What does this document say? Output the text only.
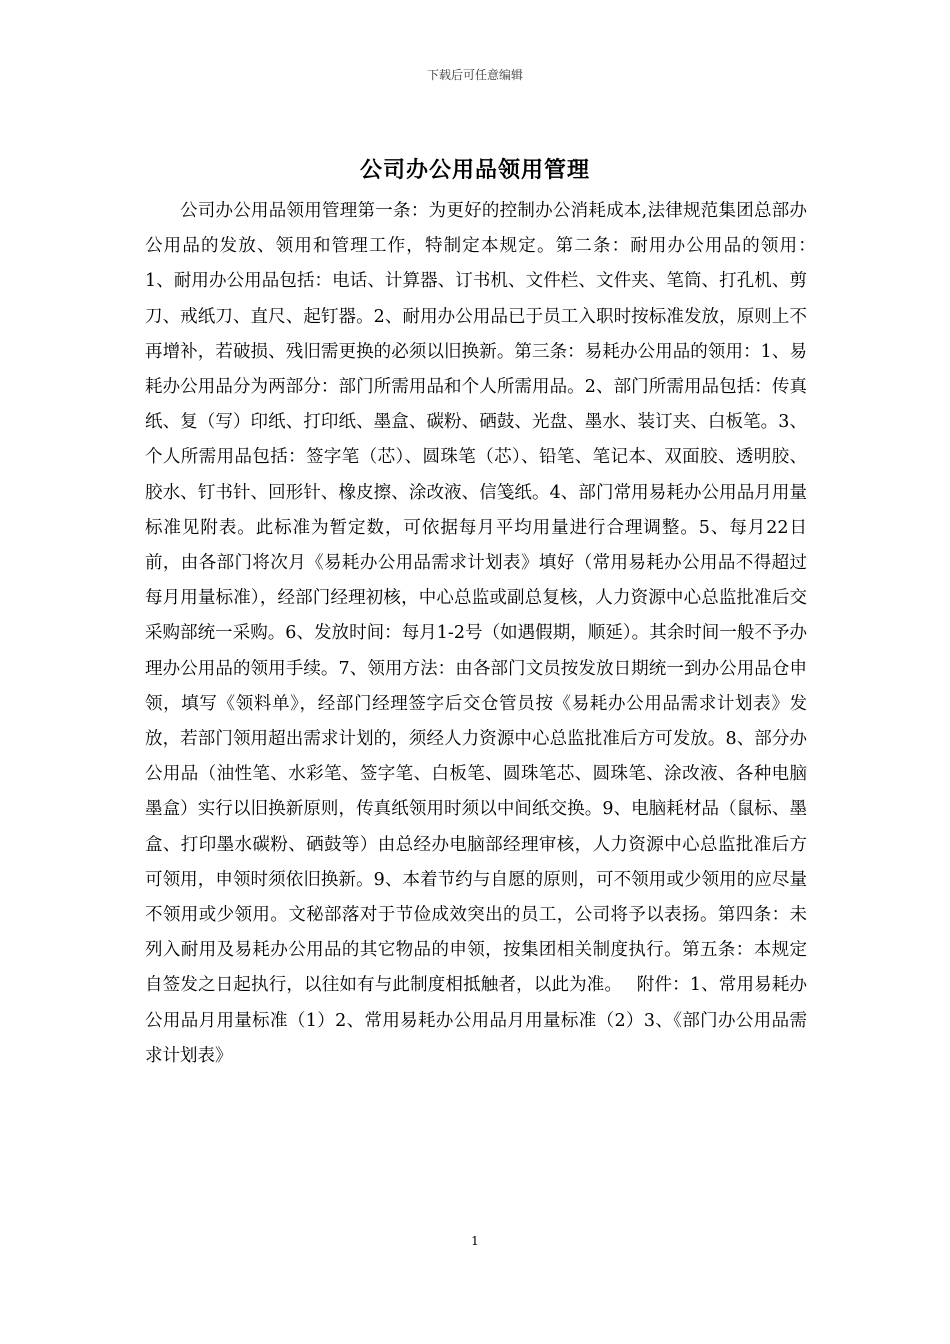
下载后可任意编辑
公司办公用品领用管理

公司办公用品领用管理第一条：为更好的控制办公消耗成本,法律规范集团总部办公用品的发放、领用和管理工作，特制定本规定。第二条：耐用办公用品的领用：　 1、耐用办公用品包括：电话、计算器、订书机、文件栏、文件夹、笔筒、打孔机、剪刀、戒纸刀、直尺、起钉器。2、耐用办公用品已于员工入职时按标准发放，原则上不再增补，若破损、残旧需更换的必须以旧换新。第三条：易耗办公用品的领用：1、易耗办公用品分为两部分：部门所需用品和个人所需用品。2、部门所需用品包括：传真纸、复（写）印纸、打印纸、墨盒、碳粉、硒鼓、光盘、墨水、装订夹、白板笔。3、个人所需用品包括：签字笔（芯）、圆珠笔（芯）、铅笔、笔记本、双面胶、透明胶、胶水、钉书针、回形针、橡皮擦、涂改液、信笺纸。4、部门常用易耗办公用品月用量标准见附表。此标准为暂定数，可依据每月平均用量进行合理调整。5、每月22日前，由各部门将次月《易耗办公用品需求计划表》填好（常用易耗办公用品不得超过每月用量标准），经部门经理初核，中心总监或副总复核，人力资源中心总监批准后交采购部统一采购。6、发放时间：每月1-2号（如遇假期，顺延）。其余时间一般不予办理办公用品的领用手续。7、领用方法：由各部门文员按发放日期统一到办公用品仓申领，填写《领料单》，经部门经理签字后交仓管员按《易耗办公用品需求计划表》发放，若部门领用超出需求计划的，须经人力资源中心总监批准后方可发放。8、部分办公用品（油性笔、水彩笔、签字笔、白板笔、圆珠笔芯、圆珠笔、涂改液、各种电脑墨盒）实行以旧换新原则，传真纸领用时须以中间纸交换。9、电脑耗材品（鼠标、墨盒、打印墨水碳粉、硒鼓等）由总经办电脑部经理审核，人力资源中心总监批准后方可领用，申领时须依旧换新。9、本着节约与自愿的原则，可不领用或少领用的应尽量不领用或少领用。文秘部落对于节俭成效突出的员工，公司将予以表扬。第四条：未列入耐用及易耗办公用品的其它物品的申领，按集团相关制度执行。第五条：本规定自签发之日起执行，以往如有与此制度相抵触者，以此为准。　 附件：1、常用易耗办公用品月用量标准（1）2、常用易耗办公用品月用量标准（2）3、《部门办公用品需求计划表》

1
